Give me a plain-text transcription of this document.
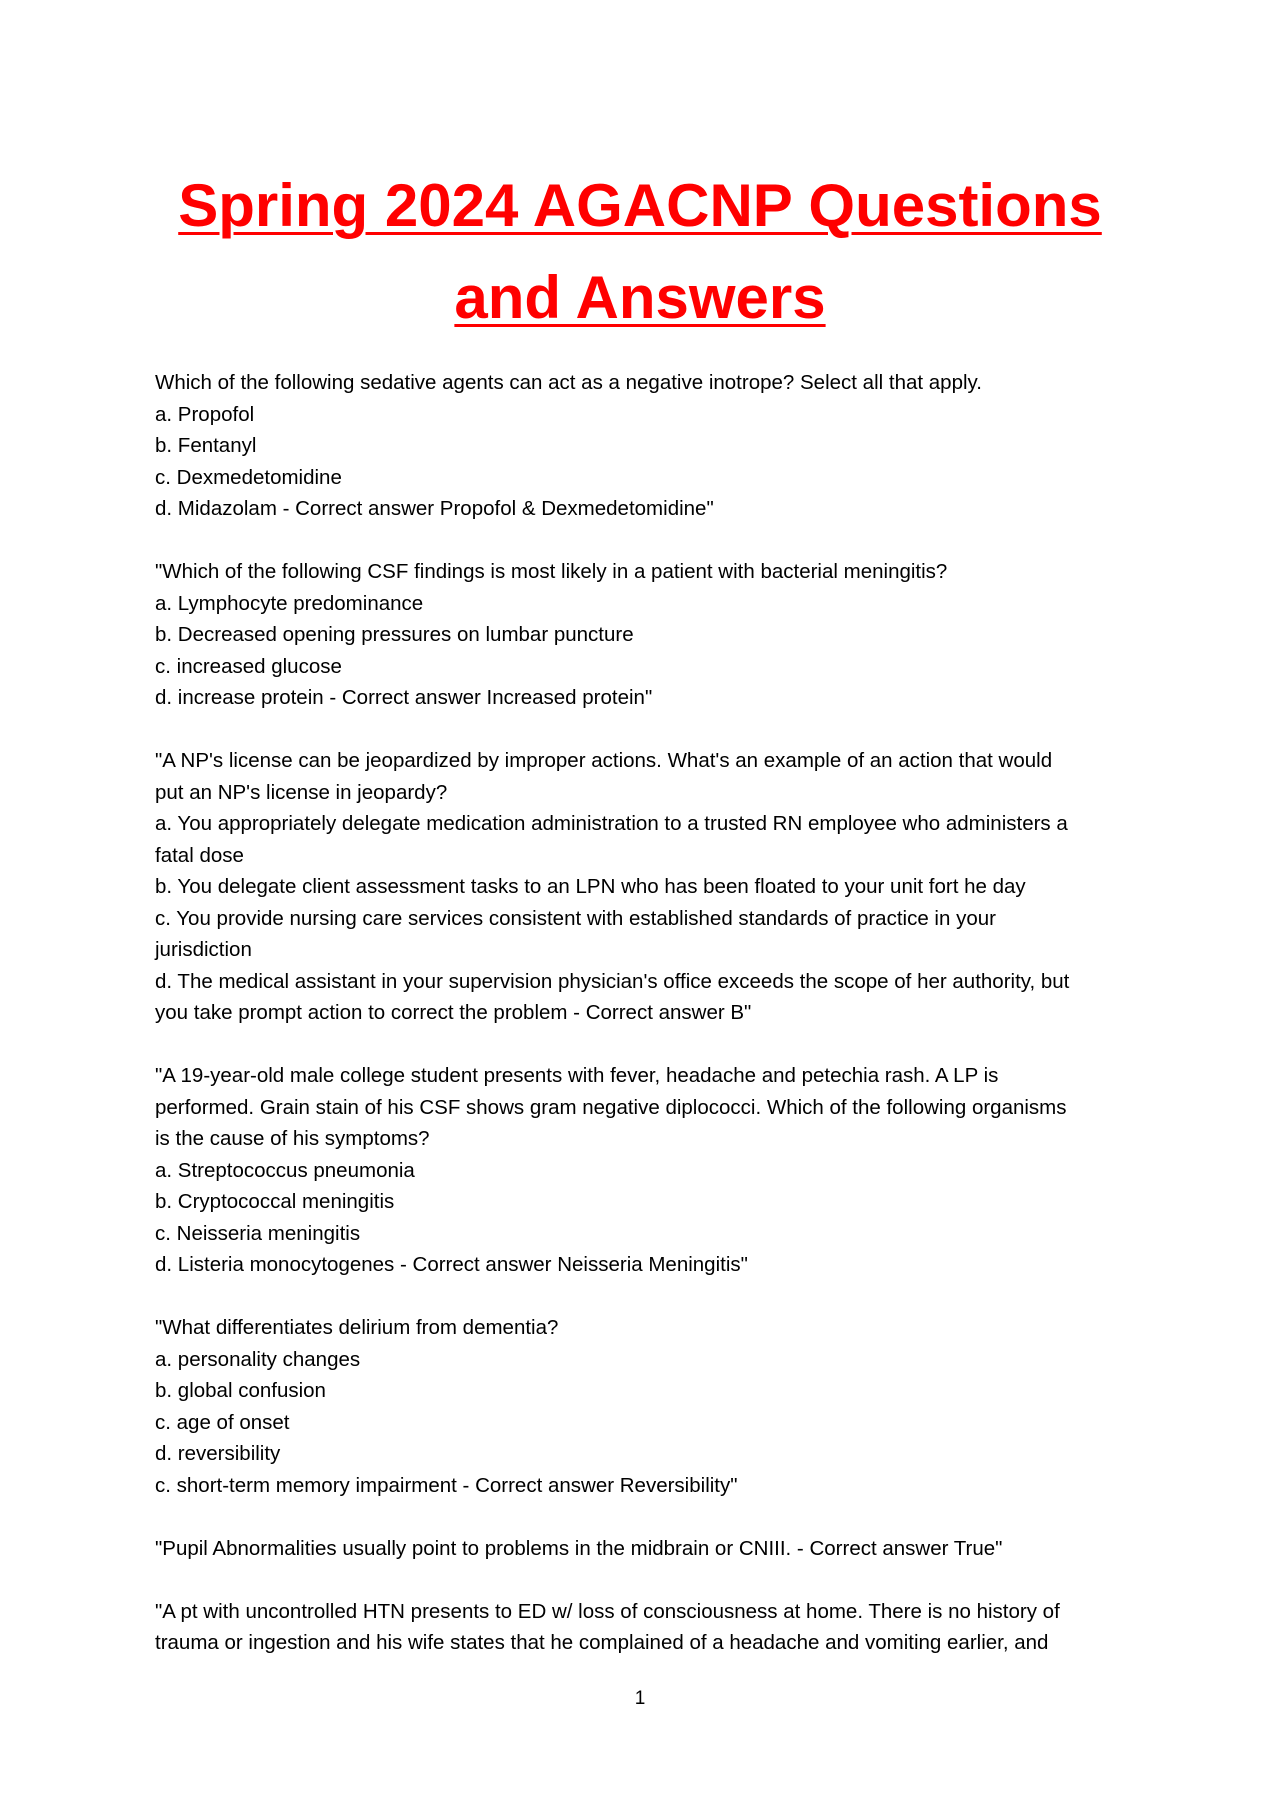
Spring 2024 AGACNP Questions
and Answers
Which of the following sedative agents can act as a negative inotrope? Select all that apply.
a. Propofol
b. Fentanyl
c. Dexmedetomidine
d. Midazolam - Correct answer Propofol & Dexmedetomidine"
"Which of the following CSF findings is most likely in a patient with bacterial meningitis?
a. Lymphocyte predominance
b. Decreased opening pressures on lumbar puncture
c. increased glucose
d. increase protein - Correct answer Increased protein"
"A NP's license can be jeopardized by improper actions. What's an example of an action that would
put an NP's license in jeopardy?
a. You appropriately delegate medication administration to a trusted RN employee who administers a
fatal dose
b. You delegate client assessment tasks to an LPN who has been floated to your unit fort he day
c. You provide nursing care services consistent with established standards of practice in your
jurisdiction
d. The medical assistant in your supervision physician's office exceeds the scope of her authority, but
you take prompt action to correct the problem - Correct answer B"
"A 19-year-old male college student presents with fever, headache and petechia rash. A LP is
performed. Grain stain of his CSF shows gram negative diplococci. Which of the following organisms
is the cause of his symptoms?
a. Streptococcus pneumonia
b. Cryptococcal meningitis
c. Neisseria meningitis
d. Listeria monocytogenes - Correct answer Neisseria Meningitis"
"What differentiates delirium from dementia?
a. personality changes
b. global confusion
c. age of onset
d. reversibility
c. short-term memory impairment - Correct answer Reversibility"
"Pupil Abnormalities usually point to problems in the midbrain or CNIII. - Correct answer True"
"A pt with uncontrolled HTN presents to ED w/ loss of consciousness at home. There is no history of
trauma or ingestion and his wife states that he complained of a headache and vomiting earlier, and
1
